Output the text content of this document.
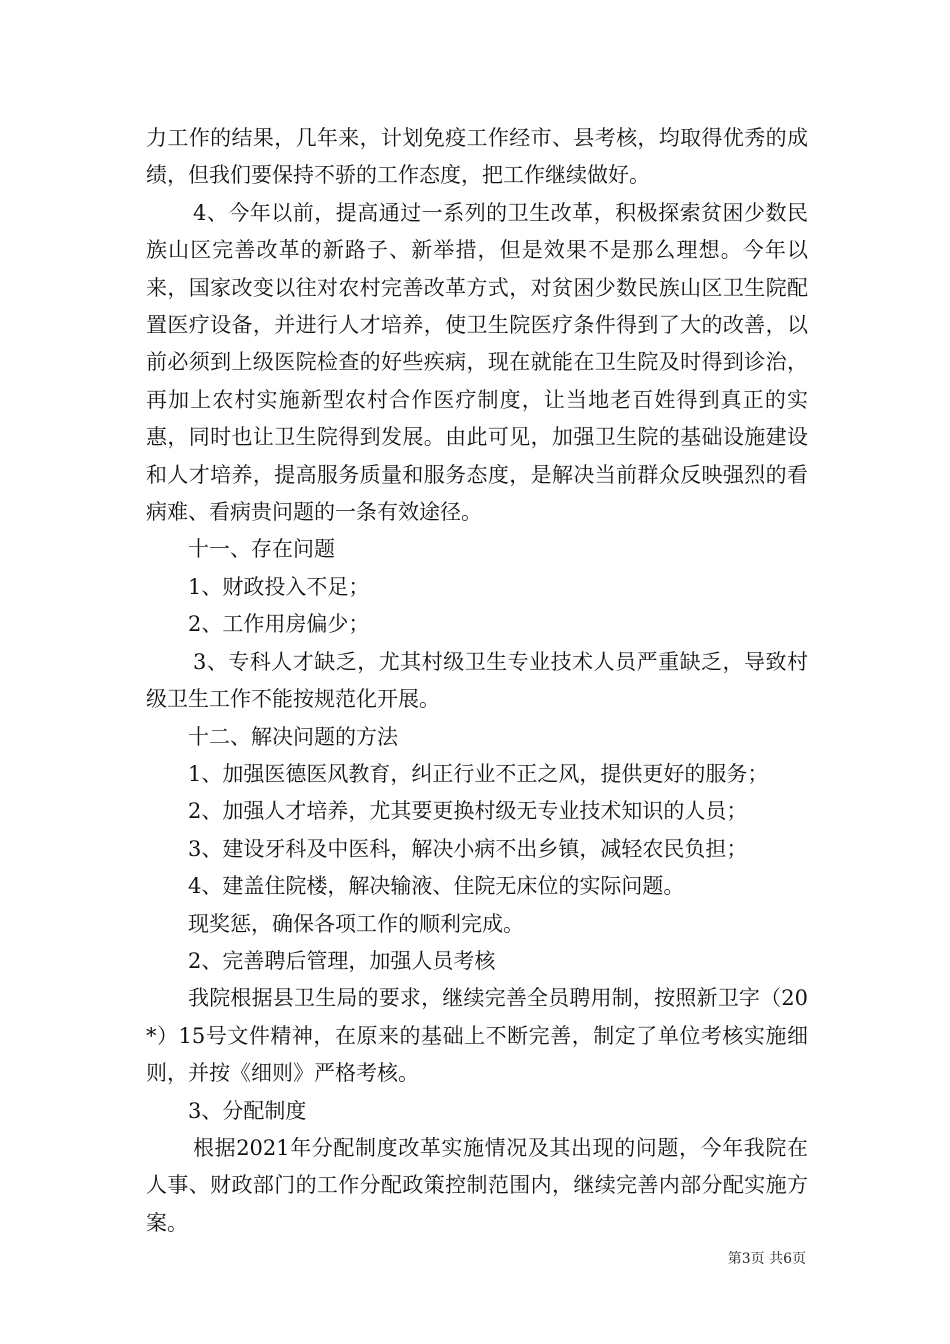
力工作的结果，几年来，计划免疫工作经市、县考核，均取得优秀的成绩，但我们要保持不骄的工作态度，把工作继续做好。

4、今年以前，提高通过一系列的卫生改革，积极探索贫困少数民族山区完善改革的新路子、新举措，但是效果不是那么理想。今年以来，国家改变以往对农村完善改革方式，对贫困少数民族山区卫生院配置医疗设备，并进行人才培养，使卫生院医疗条件得到了大的改善，以前必须到上级医院检查的好些疾病，现在就能在卫生院及时得到诊治，再加上农村实施新型农村合作医疗制度，让当地老百姓得到真正的实惠，同时也让卫生院得到发展。由此可见，加强卫生院的基础设施建设和人才培养，提高服务质量和服务态度，是解决当前群众反映强烈的看病难、看病贵问题的一条有效途径。

十一、存在问题

1、财政投入不足；

2、工作用房偏少；

3、专科人才缺乏，尤其村级卫生专业技术人员严重缺乏，导致村级卫生工作不能按规范化开展。

十二、解决问题的方法

1、加强医德医风教育，纠正行业不正之风，提供更好的服务；

2、加强人才培养，尤其要更换村级无专业技术知识的人员；

3、建设牙科及中医科，解决小病不出乡镇，减轻农民负担；

4、建盖住院楼，解决输液、住院无床位的实际问题。

现奖惩，确保各项工作的顺利完成。

2、完善聘后管理，加强人员考核

我院根据县卫生局的要求，继续完善全员聘用制，按照新卫字（20*）15号文件精神，在原来的基础上不断完善，制定了单位考核实施细则，并按《细则》严格考核。

3、分配制度

根据2021年分配制度改革实施情况及其出现的问题，今年我院在人事、财政部门的工作分配政策控制范围内，继续完善内部分配实施方案。

第3页 共6页
